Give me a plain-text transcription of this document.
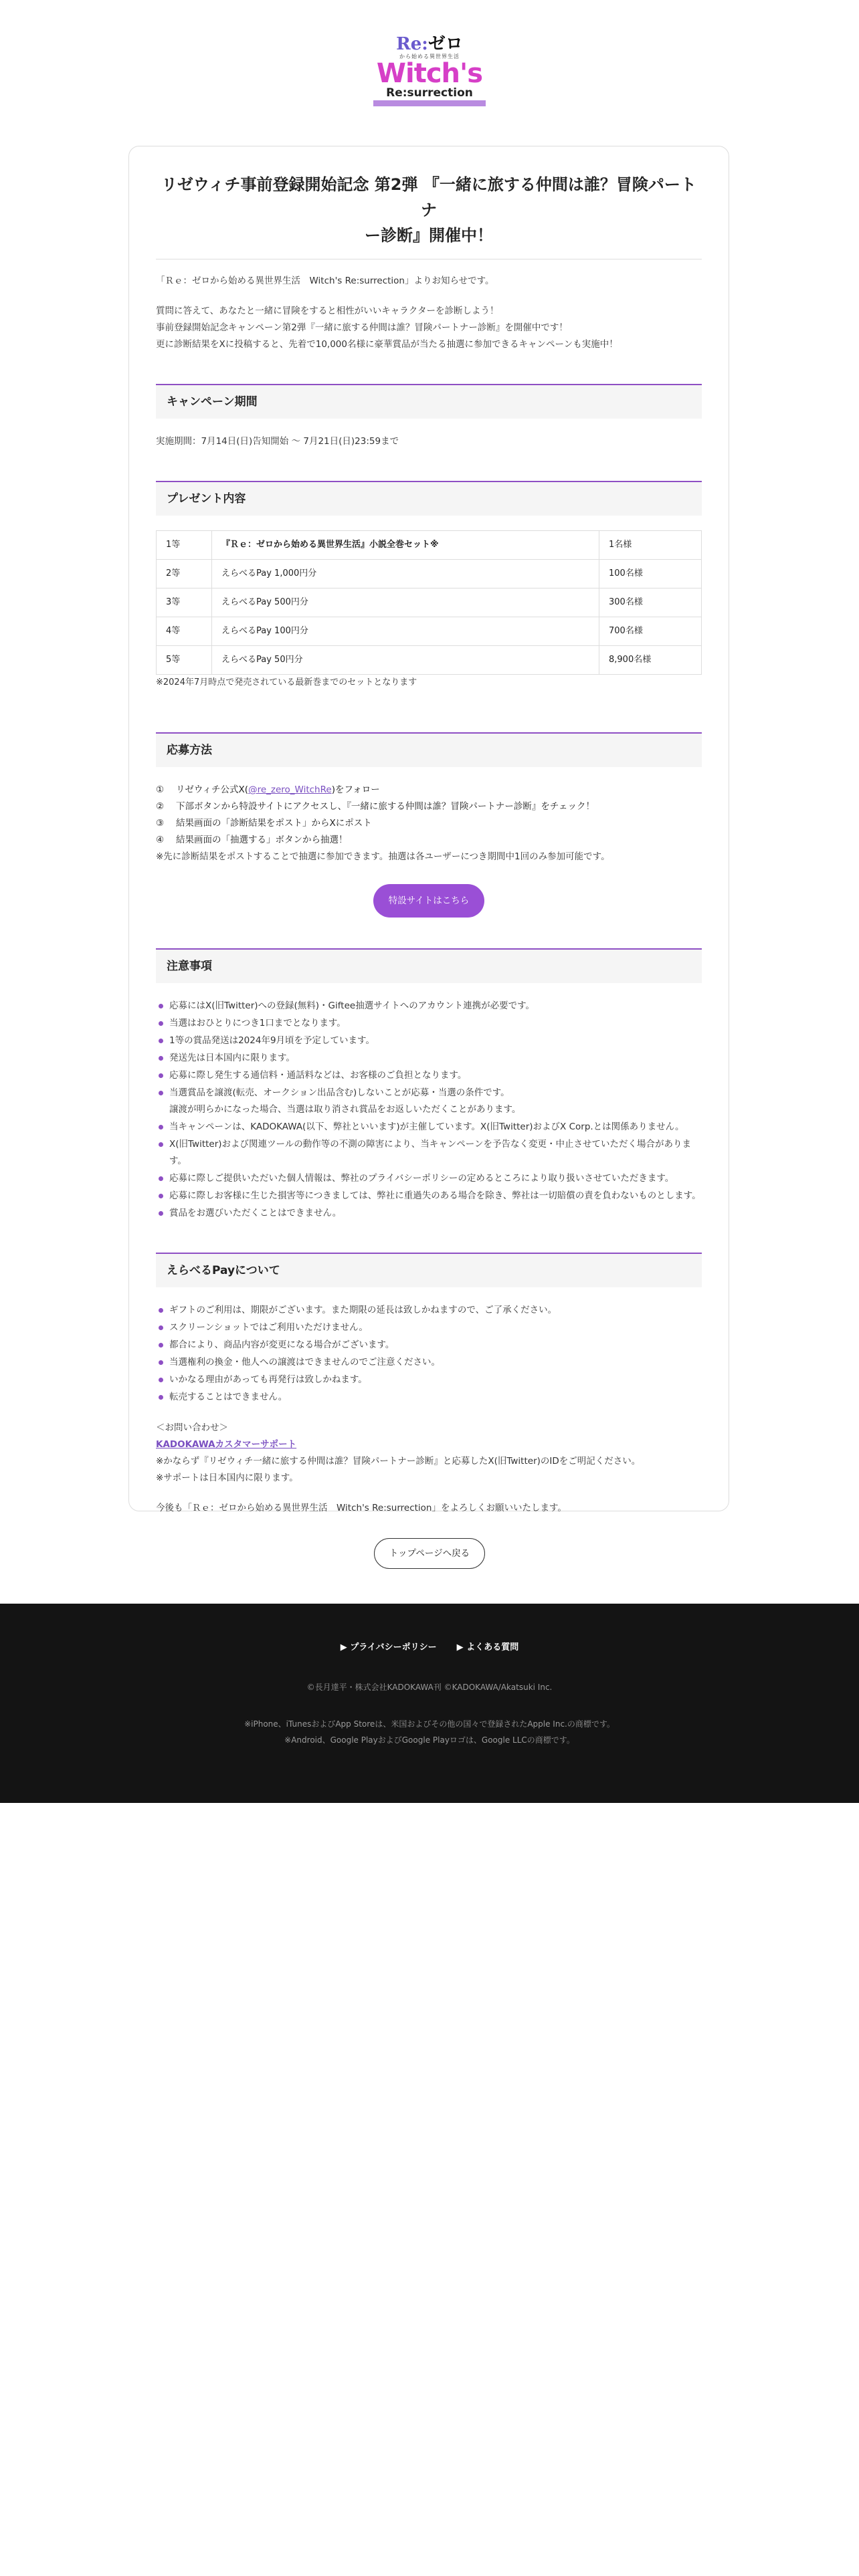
Re:ゼロ
から始める異世界生活
Witch's
Re:surrection
リゼウィチ事前登録開始記念 第2弾 『一緒に旅する仲間は誰？冒険パートナ
ー診断』開催中！

「Ｒｅ：ゼロから始める異世界生活　Witch's Re:surrection」よりお知らせです。

質問に答えて、あなたと一緒に冒険をすると相性がいいキャラクターを診断しよう！

事前登録開始記念キャンペーン第2弾『一緒に旅する仲間は誰？冒険パートナー診断』を開催中です！

更に診断結果をXに投稿すると、先着で10,000名様に豪華賞品が当たる抽選に参加できるキャンペーンも実施中！

キャンペーン期間

実施期間：7月14日(日)告知開始 〜 7月21日(日)23:59まで

プレゼント内容
1等	『Ｒｅ：ゼロから始める異世界生活』小説全巻セット※	1名様
2等	えらべるPay 1,000円分	100名様
3等	えらべるPay 500円分	300名様
4等	えらべるPay 100円分	700名様
5等	えらべるPay 50円分	8,900名様
※2024年7月時点で発売されている最新巻までのセットとなります
応募方法
①	リゼウィチ公式X(@re_zero_WitchRe)をフォロー
②	下部ボタンから特設サイトにアクセスし、『一緒に旅する仲間は誰？冒険パートナー診断』をチェック！
③	結果画面の「診断結果をポスト」からXにポスト
④	結果画面の「抽選する」ボタンから抽選！

※先に診断結果をポストすることで抽選に参加できます。抽選は各ユーザーにつき期間中1回のみ参加可能です。

特設サイトはこちら
注意事項
応募にはX(旧Twitter)への登録(無料)・Giftee抽選サイトへのアカウント連携が必要です。
当選はおひとりにつき1口までとなります。
1等の賞品発送は2024年9月頃を予定しています。
発送先は日本国内に限ります。
応募に際し発生する通信料・通話料などは、お客様のご負担となります。
当選賞品を譲渡(転売、オークション出品含む)しないことが応募・当選の条件です。
譲渡が明らかになった場合、当選は取り消され賞品をお返しいただくことがあります。
当キャンペーンは、KADOKAWA(以下、弊社といいます)が主催しています。X(旧Twitter)およびX Corp.とは関係ありません。
X(旧Twitter)および関連ツールの動作等の不測の障害により、当キャンペーンを予告なく変更・中止させていただく場合があります。
応募に際しご提供いただいた個人情報は、弊社のプライバシーポリシーの定めるところにより取り扱いさせていただきます。
応募に際しお客様に生じた損害等につきましては、弊社に重過失のある場合を除き、弊社は一切賠償の責を負わないものとします。
賞品をお選びいただくことはできません。
えらべるPayについて
ギフトのご利用は、期限がございます。また期限の延長は致しかねますので、ご了承ください。
スクリーンショットではご利用いただけません。
都合により、商品内容が変更になる場合がございます。
当選権利の換金・他人への譲渡はできませんのでご注意ください。
いかなる理由があっても再発行は致しかねます。
転売することはできません。

＜お問い合わせ＞

KADOKAWAカスタマーサポート

※かならず『リゼウィチ一緒に旅する仲間は誰？冒険パートナー診断』と応募したX(旧Twitter)のIDをご明記ください。

※サポートは日本国内に限ります。

今後も「Ｒｅ：ゼロから始める異世界生活　Witch's Re:surrection」をよろしくお願いいたします。

トップページへ戻る
▶ プライバシーポリシー ▶ よくある質問
©長月達平・株式会社KADOKAWA刊 ©KADOKAWA/Akatsuki Inc.
※iPhone、iTunesおよびApp Storeは、米国およびその他の国々で登録されたApple Inc.の商標です。
※Android、Google PlayおよびGoogle Playロゴは、Google LLCの商標です。
